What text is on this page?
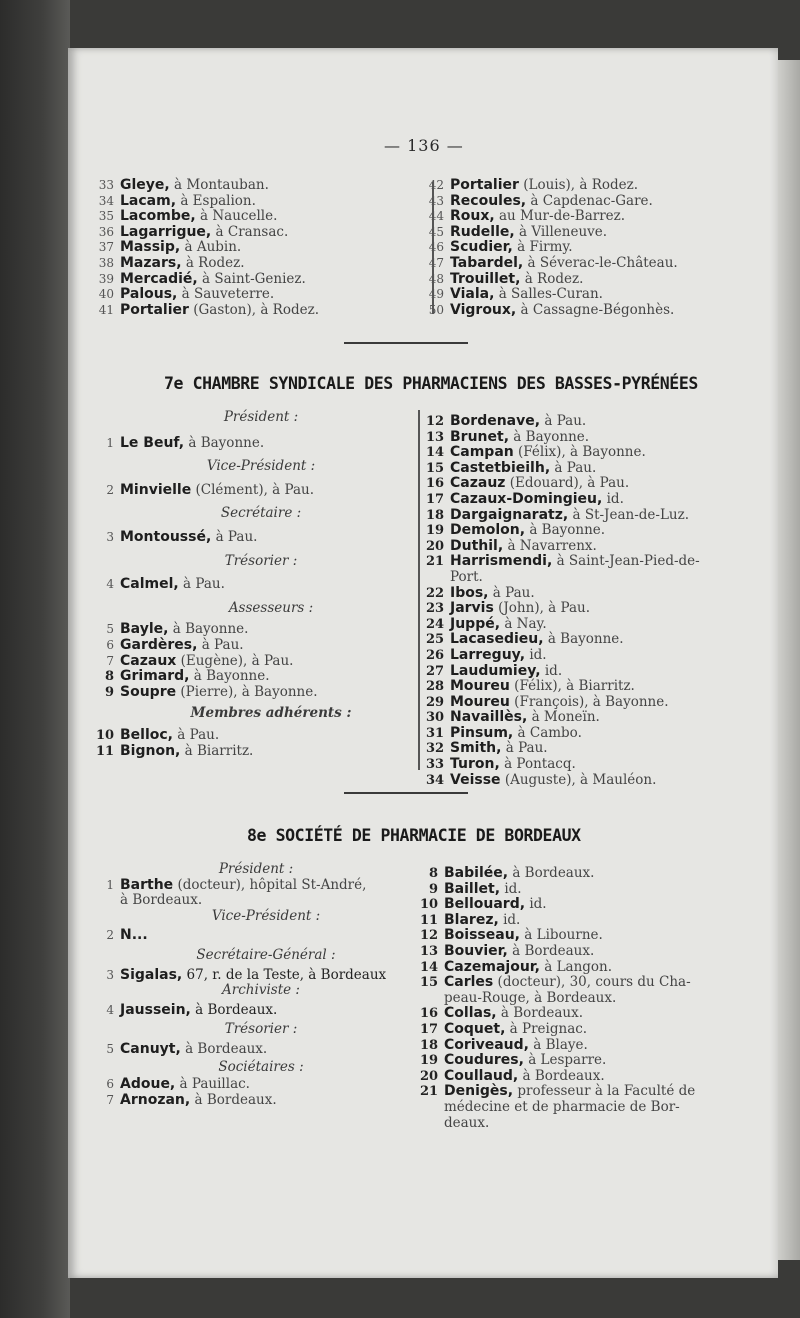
— 136 —
33 Gleye, à Montauban.
34 Lacam, à Espalion.
35 Lacombe, à Naucelle.
36 Lagarrigue, à Cransac.
37 Massip, à Aubin.
38 Mazars, à Rodez.
39 Mercadié, à Saint-Geniez.
40 Palous, à Sauveterre.
41 Portalier (Gaston), à Rodez.
42 Portalier (Louis), à Rodez.
43 Recoules, à Capdenac-Gare.
44 Roux, au Mur-de-Barrez.
45 Rudelle, à Villeneuve.
46 Scudier, à Firmy.
47 Tabardel, à Séverac-le-Château.
48 Trouillet, à Rodez.
49 Viala, à Salles-Curan.
50 Vigroux, à Cassagne-Bégonhès.
7e CHAMBRE SYNDICALE DES PHARMACIENS DES BASSES-PYRÉNÉES
Président :
1 Le Beuf, à Bayonne.
Vice-Président :
2 Minvielle (Clément), à Pau.
Secrétaire :
3 Montoussé, à Pau.
Trésorier :
4 Calmel, à Pau.
Assesseurs :
5 Bayle, à Bayonne.
6 Gardères, à Pau.
7 Cazaux (Eugène), à Pau.
8 Grimard, à Bayonne.
9 Soupre (Pierre), à Bayonne.
Membres adhérents :
10 Belloc, à Pau.
11 Bignon, à Biarritz.
12 Bordenave, à Pau.
13 Brunet, à Bayonne.
14 Campan (Félix), à Bayonne.
15 Castetbieilh, à Pau.
16 Cazauz (Edouard), à Pau.
17 Cazaux-Domingieu, id.
18 Dargaignaratz, à St-Jean-de-Luz.
19 Demolon, à Bayonne.
20 Duthil, à Navarrenx.
21 Harrismendi, à Saint-Jean-Pied-de-
Port.
22 Ibos, à Pau.
23 Jarvis (John), à Pau.
24 Juppé, à Nay.
25 Lacasedieu, à Bayonne.
26 Larreguy, id.
27 Laudumiey, id.
28 Moureu (Félix), à Biarritz.
29 Moureu (François), à Bayonne.
30 Navaillès, à Moneïn.
31 Pinsum, à Cambo.
32 Smith, à Pau.
33 Turon, à Pontacq.
34 Veisse (Auguste), à Mauléon.
8e SOCIÉTÉ DE PHARMACIE DE BORDEAUX
Président :
1 Barthe (docteur), hôpital St-André,
à Bordeaux.
Vice-Président :
2 N...
Secrétaire-Général :
3 Sigalas, 67, r. de la Teste, à Bordeaux
Archiviste :
4 Jaussein, à Bordeaux.
Trésorier :
5 Canuyt, à Bordeaux.
Sociétaires :
6 Adoue, à Pauillac.
7 Arnozan, à Bordeaux.
8 Babilée, à Bordeaux.
9 Baillet, id.
10 Bellouard, id.
11 Blarez, id.
12 Boisseau, à Libourne.
13 Bouvier, à Bordeaux.
14 Cazemajour, à Langon.
15 Carles (docteur), 30, cours du Cha-
peau-Rouge, à Bordeaux.
16 Collas, à Bordeaux.
17 Coquet, à Preignac.
18 Coriveaud, à Blaye.
19 Coudures, à Lesparre.
20 Coullaud, à Bordeaux.
21 Denigès, professeur à la Faculté de
médecine et de pharmacie de Bor-
deaux.
